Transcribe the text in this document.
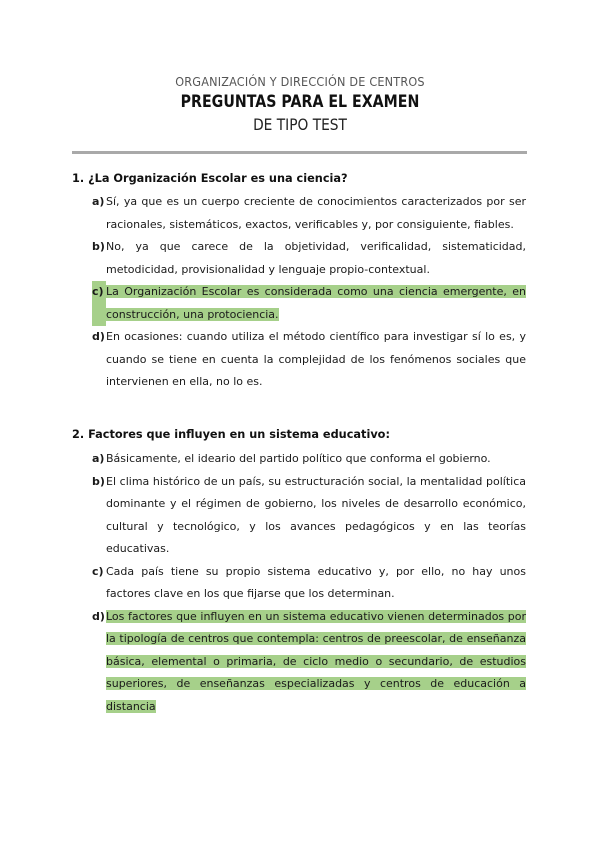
ORGANIZACIÓN Y DIRECCIÓN DE CENTROS
PREGUNTAS PARA EL EXAMEN
DE TIPO TEST
1. ¿La Organización Escolar es una ciencia?
a) Sí, ya que es un cuerpo creciente de conocimientos caracterizados por ser racionales, sistemáticos, exactos, verificables y, por consiguiente, fiables.
b) No, ya que carece de la objetividad, verificalidad, sistematicidad, metodicidad, provisionalidad y lenguaje propio-contextual.
c) La Organización Escolar es considerada como una ciencia emergente, en construcción, una protociencia.
d) En ocasiones: cuando utiliza el método científico para investigar sí lo es, y cuando se tiene en cuenta la complejidad de los fenómenos sociales que intervienen en ella, no lo es.
2. Factores que influyen en un sistema educativo:
a) Básicamente, el ideario del partido político que conforma el gobierno.
b) El clima histórico de un país, su estructuración social, la mentalidad política dominante y el régimen de gobierno, los niveles de desarrollo económico, cultural y tecnológico, y los avances pedagógicos y en las teorías educativas.
c) Cada país tiene su propio sistema educativo y, por ello, no hay unos factores clave en los que fijarse que los determinan.
d) Los factores que influyen en un sistema educativo vienen determinados por la tipología de centros que contempla: centros de preescolar, de enseñanza básica, elemental o primaria, de ciclo medio o secundario, de estudios superiores, de enseñanzas especializadas y centros de educación a distancia
